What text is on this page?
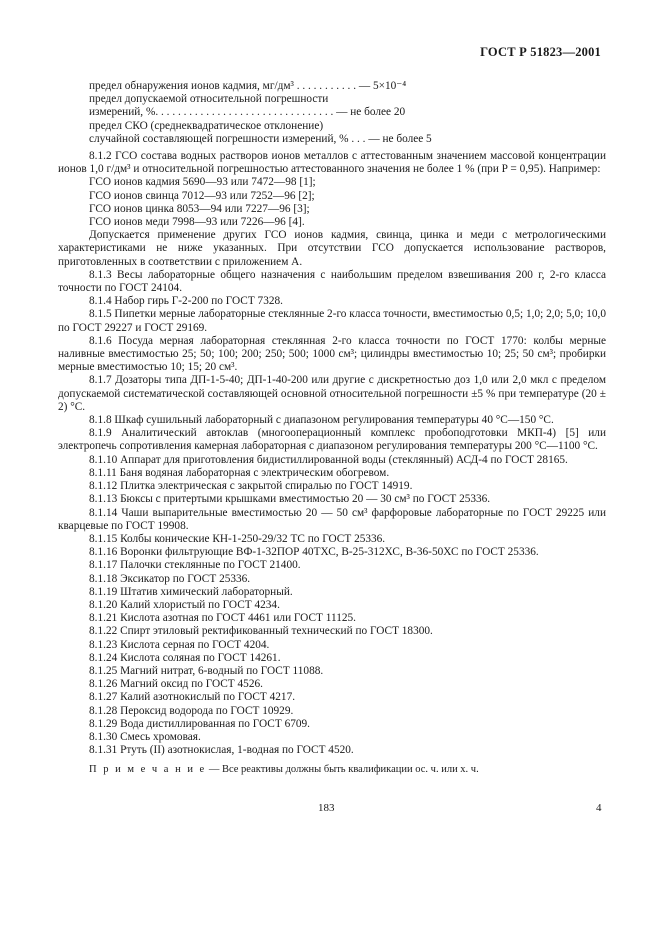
ГОСТ Р 51823—2001
предел обнаружения ионов кадмия, мг/дм³ . . . . . . . . . . . — 5×10⁻⁴
предел допускаемой относительной погрешности
измерений, %. . . . . . . . . . . . . . . . . . . . . . . . . . . . . . . . — не более 20
предел СКО (среднеквадратическое отклонение)
случайной составляющей погрешности измерений, % . . . — не более 5

8.1.2 ГСО состава водных растворов ионов металлов с аттестованным значением массовой концентрации ионов 1,0 г/дм³ и относительной погрешностью аттестованного значения не более 1 % (при P = 0,95). Например:

ГСО ионов кадмия 5690—93 или 7472—98 [1];
ГСО ионов свинца 7012—93 или 7252—96 [2];
ГСО ионов цинка 8053—94 или 7227—96 [3];
ГСО ионов меди 7998—93 или 7226—96 [4].

Допускается применение других ГСО ионов кадмия, свинца, цинка и меди с метрологическими характеристиками не ниже указанных. При отсутствии ГСО допускается использование растворов, приготовленных в соответствии с приложением А.

8.1.3 Весы лабораторные общего назначения с наибольшим пределом взвешивания 200 г, 2-го класса точности по ГОСТ 24104.

8.1.4 Набор гирь Г-2-200 по ГОСТ 7328.

8.1.5 Пипетки мерные лабораторные стеклянные 2-го класса точности, вместимостью 0,5; 1,0; 2,0; 5,0; 10,0 по ГОСТ 29227 и ГОСТ 29169.

8.1.6 Посуда мерная лабораторная стеклянная 2-го класса точности по ГОСТ 1770: колбы мерные наливные вместимостью 25; 50; 100; 200; 250; 500; 1000 см³; цилиндры вместимостью 10; 25; 50 см³; пробирки мерные вместимостью 10; 15; 20 см³.

8.1.7 Дозаторы типа ДП-1-5-40; ДП-1-40-200 или другие с дискретностью доз 1,0 или 2,0 мкл с пределом допускаемой систематической составляющей основной относительной погрешности ±5 % при температуре (20 ± 2) °С.

8.1.8 Шкаф сушильный лабораторный с диапазоном регулирования температуры 40 °С—150 °С.

8.1.9 Аналитический автоклав (многооперационный комплекс пробоподготовки МКП-4) [5] или электропечь сопротивления камерная лабораторная с диапазоном регулирования температуры 200 °С—1100 °С.

8.1.10 Аппарат для приготовления бидистиллированной воды (стеклянный) АСД-4 по ГОСТ 28165.

8.1.11 Баня водяная лабораторная с электрическим обогревом.

8.1.12 Плитка электрическая с закрытой спиралью по ГОСТ 14919.

8.1.13 Бюксы с притертыми крышками вместимостью 20 — 30 см³ по ГОСТ 25336.

8.1.14 Чаши выпарительные вместимостью 20 — 50 см³ фарфоровые лабораторные по ГОСТ 29225 или кварцевые по ГОСТ 19908.

8.1.15 Колбы конические КН-1-250-29/32 ТС по ГОСТ 25336.

8.1.16 Воронки фильтрующие ВФ-1-32ПОР 40ТХС, В-25-312ХС, В-36-50ХС по ГОСТ 25336.

8.1.17 Палочки стеклянные по ГОСТ 21400.

8.1.18 Эксикатор по ГОСТ 25336.

8.1.19 Штатив химический лабораторный.

8.1.20 Калий хлористый по ГОСТ 4234.

8.1.21 Кислота азотная по ГОСТ 4461 или ГОСТ 11125.

8.1.22 Спирт этиловый ректификованный технический по ГОСТ 18300.

8.1.23 Кислота серная по ГОСТ 4204.

8.1.24 Кислота соляная по ГОСТ 14261.

8.1.25 Магний нитрат, 6-водный по ГОСТ 11088.

8.1.26 Магний оксид по ГОСТ 4526.

8.1.27 Калий азотнокислый по ГОСТ 4217.

8.1.28 Пероксид водорода по ГОСТ 10929.

8.1.29 Вода дистиллированная по ГОСТ 6709.

8.1.30 Смесь хромовая.

8.1.31 Ртуть (II) азотнокислая, 1-водная по ГОСТ 4520.

П р и м е ч а н и е — Все реактивы должны быть квалификации ос. ч. или х. ч.

183	4
